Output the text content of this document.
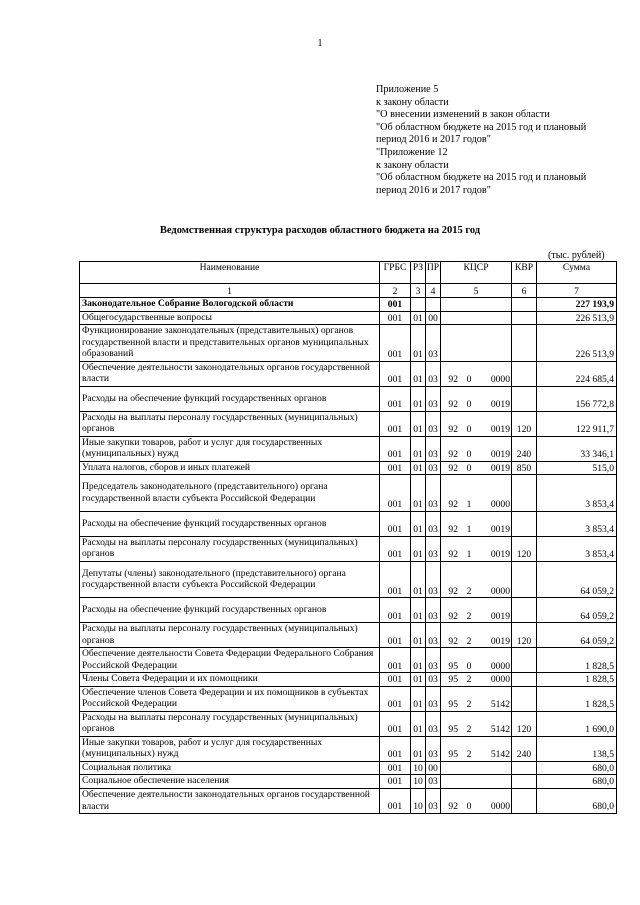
1
Приложение 5
к закону области
"О внесении изменений в закон области
"Об областном бюджете на 2015 год и плановый
период 2016 и 2017 годов"
"Приложение 12
к закону области
"Об областном бюджете на 2015 год и плановый
период 2016 и 2017 годов"
Ведомственная структура расходов областного бюджета на 2015 год
(тыс. рублей)
Наименование	ГРБС	РЗ	ПР	КЦСР	КВР	Сумма
1	2	3	4	5	6	7
Законодательное Собрание Вологодской области	001					227 193,9
Общегосударственные вопросы	001	01	00			226 513,9
Функционирование законодательных (представительных) органов государственной власти и представительных органов муниципальных образований	001	01	03			226 513,9
Обеспечение деятельности законодательных органов государственной власти	001	01	03	92 0 0000		224 685,4
Расходы на обеспечение функций государственных органов	001	01	03	92 0 0019		156 772,8
Расходы на выплаты персоналу государственных (муниципальных) органов	001	01	03	92 0 0019	120	122 911,7
Иные закупки товаров, работ и услуг для государственных (муниципальных) нужд	001	01	03	92 0 0019	240	33 346,1
Уплата налогов, сборов и иных платежей	001	01	03	92 0 0019	850	515,0
Председатель законодательного (представительного) органа государственной власти субъекта Российской Федерации	001	01	03	92 1 0000		3 853,4
Расходы на обеспечение функций государственных органов	001	01	03	92 1 0019		3 853,4
Расходы на выплаты персоналу государственных (муниципальных) органов	001	01	03	92 1 0019	120	3 853,4
Депутаты (члены) законодательного (представительного) органа государственной власти субъекта Российской Федерации	001	01	03	92 2 0000		64 059,2
Расходы на обеспечение функций государственных органов	001	01	03	92 2 0019		64 059,2
Расходы на выплаты персоналу государственных (муниципальных) органов	001	01	03	92 2 0019	120	64 059,2
Обеспечение деятельности Совета Федерации Федерального Собрания Российской Федерации	001	01	03	95 0 0000		1 828,5
Члены Совета Федерации и их помощники	001	01	03	95 2 0000		1 828,5
Обеспечение членов Совета Федерации и их помощников в субъектах Российской Федерации	001	01	03	95 2 5142		1 828,5
Расходы на выплаты персоналу государственных (муниципальных) органов	001	01	03	95 2 5142	120	1 690,0
Иные закупки товаров, работ и услуг для государственных (муниципальных) нужд	001	01	03	95 2 5142	240	138,5
Социальная политика	001	10	00			680,0
Социальное обеспечение населения	001	10	03			680,0
Обеспечение деятельности законодательных органов государственной власти	001	10	03	92 0 0000		680,0
